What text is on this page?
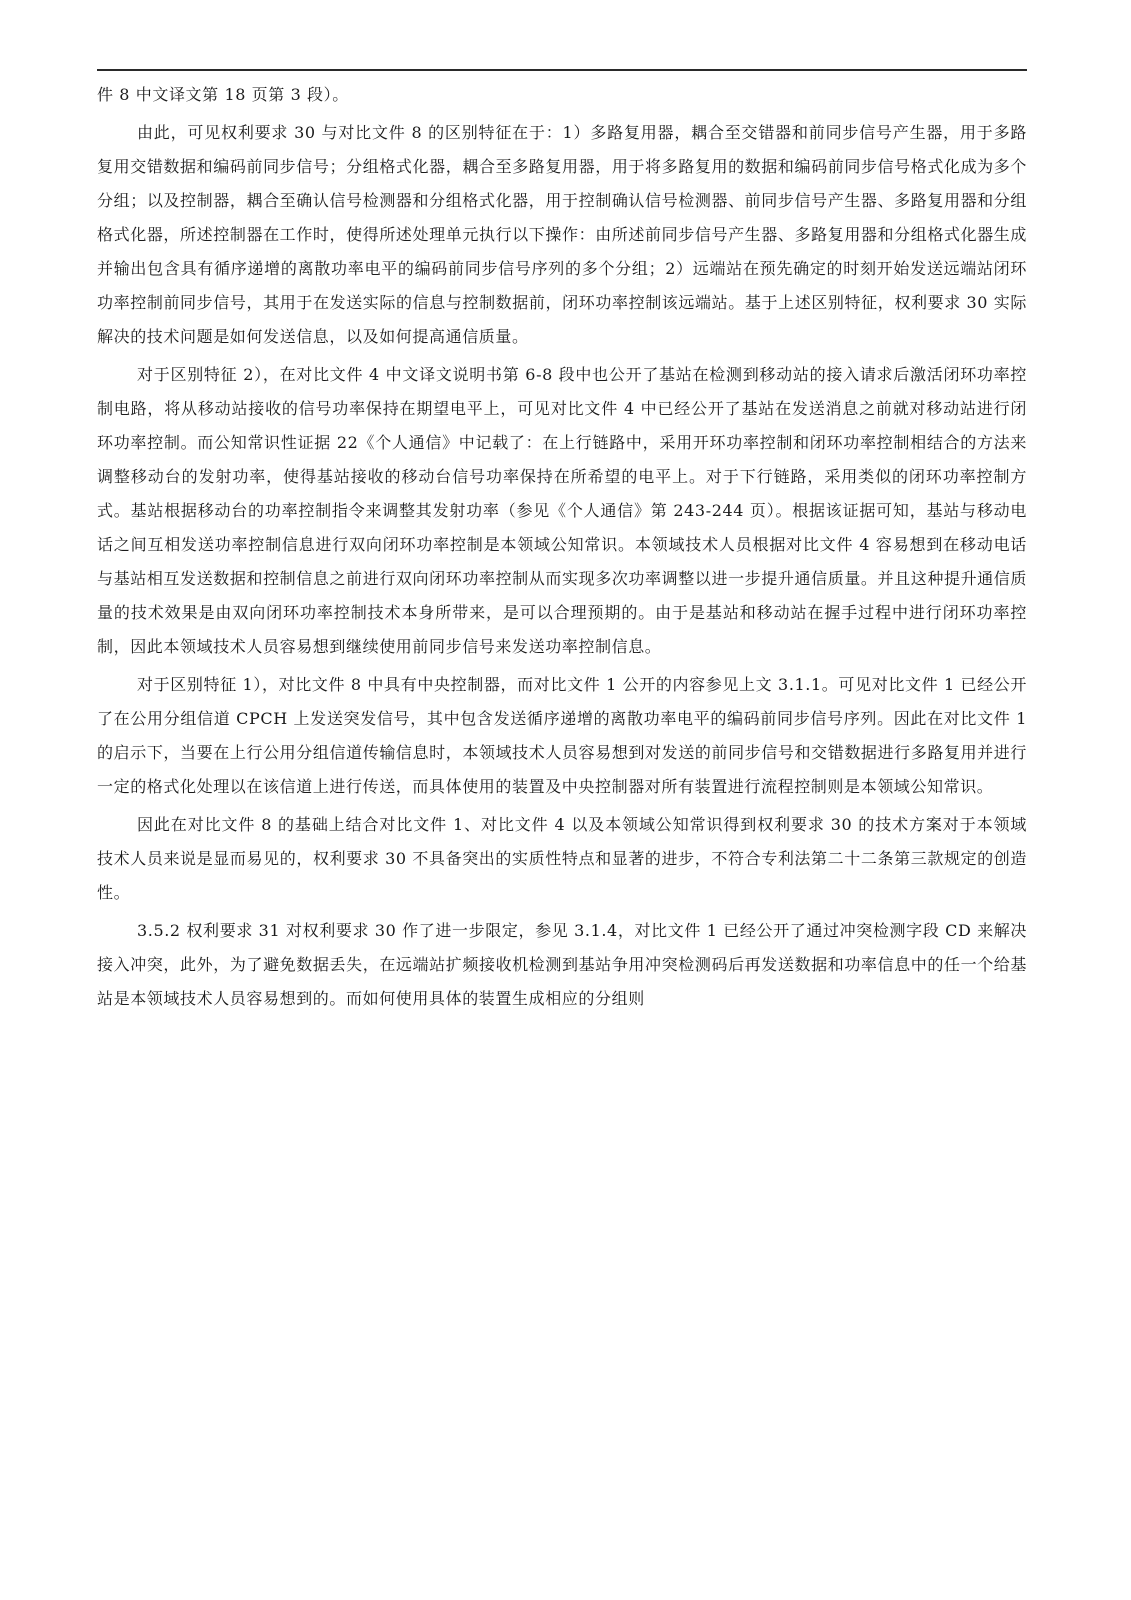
件 8 中文译文第 18 页第 3 段）。

由此，可见权利要求 30 与对比文件 8 的区别特征在于：1）多路复用器，耦合至交错器和前同步信号产生器，用于多路复用交错数据和编码前同步信号；分组格式化器，耦合至多路复用器，用于将多路复用的数据和编码前同步信号格式化成为多个分组；以及控制器，耦合至确认信号检测器和分组格式化器，用于控制确认信号检测器、前同步信号产生器、多路复用器和分组格式化器，所述控制器在工作时，使得所述处理单元执行以下操作：由所述前同步信号产生器、多路复用器和分组格式化器生成并输出包含具有循序递增的离散功率电平的编码前同步信号序列的多个分组；2）远端站在预先确定的时刻开始发送远端站闭环功率控制前同步信号，其用于在发送实际的信息与控制数据前，闭环功率控制该远端站。基于上述区别特征，权利要求 30 实际解决的技术问题是如何发送信息，以及如何提高通信质量。

对于区别特征 2），在对比文件 4 中文译文说明书第 6-8 段中也公开了基站在检测到移动站的接入请求后激活闭环功率控制电路，将从移动站接收的信号功率保持在期望电平上，可见对比文件 4 中已经公开了基站在发送消息之前就对移动站进行闭环功率控制。而公知常识性证据 22《个人通信》中记载了：在上行链路中，采用开环功率控制和闭环功率控制相结合的方法来调整移动台的发射功率，使得基站接收的移动台信号功率保持在所希望的电平上。对于下行链路，采用类似的闭环功率控制方式。基站根据移动台的功率控制指令来调整其发射功率（参见《个人通信》第 243-244 页）。根据该证据可知，基站与移动电话之间互相发送功率控制信息进行双向闭环功率控制是本领域公知常识。本领域技术人员根据对比文件 4 容易想到在移动电话与基站相互发送数据和控制信息之前进行双向闭环功率控制从而实现多次功率调整以进一步提升通信质量。并且这种提升通信质量的技术效果是由双向闭环功率控制技术本身所带来，是可以合理预期的。由于是基站和移动站在握手过程中进行闭环功率控制，因此本领域技术人员容易想到继续使用前同步信号来发送功率控制信息。

对于区别特征 1），对比文件 8 中具有中央控制器，而对比文件 1 公开的内容参见上文 3.1.1。可见对比文件 1 已经公开了在公用分组信道 CPCH 上发送突发信号，其中包含发送循序递增的离散功率电平的编码前同步信号序列。因此在对比文件 1 的启示下，当要在上行公用分组信道传输信息时，本领域技术人员容易想到对发送的前同步信号和交错数据进行多路复用并进行一定的格式化处理以在该信道上进行传送，而具体使用的装置及中央控制器对所有装置进行流程控制则是本领域公知常识。

因此在对比文件 8 的基础上结合对比文件 1、对比文件 4 以及本领域公知常识得到权利要求 30 的技术方案对于本领域技术人员来说是显而易见的，权利要求 30 不具备突出的实质性特点和显著的进步，不符合专利法第二十二条第三款规定的创造性。

3.5.2 权利要求 31 对权利要求 30 作了进一步限定，参见 3.1.4，对比文件 1 已经公开了通过冲突检测字段 CD 来解决接入冲突，此外，为了避免数据丢失，在远端站扩频接收机检测到基站争用冲突检测码后再发送数据和功率信息中的任一个给基站是本领域技术人员容易想到的。而如何使用具体的装置生成相应的分组则
